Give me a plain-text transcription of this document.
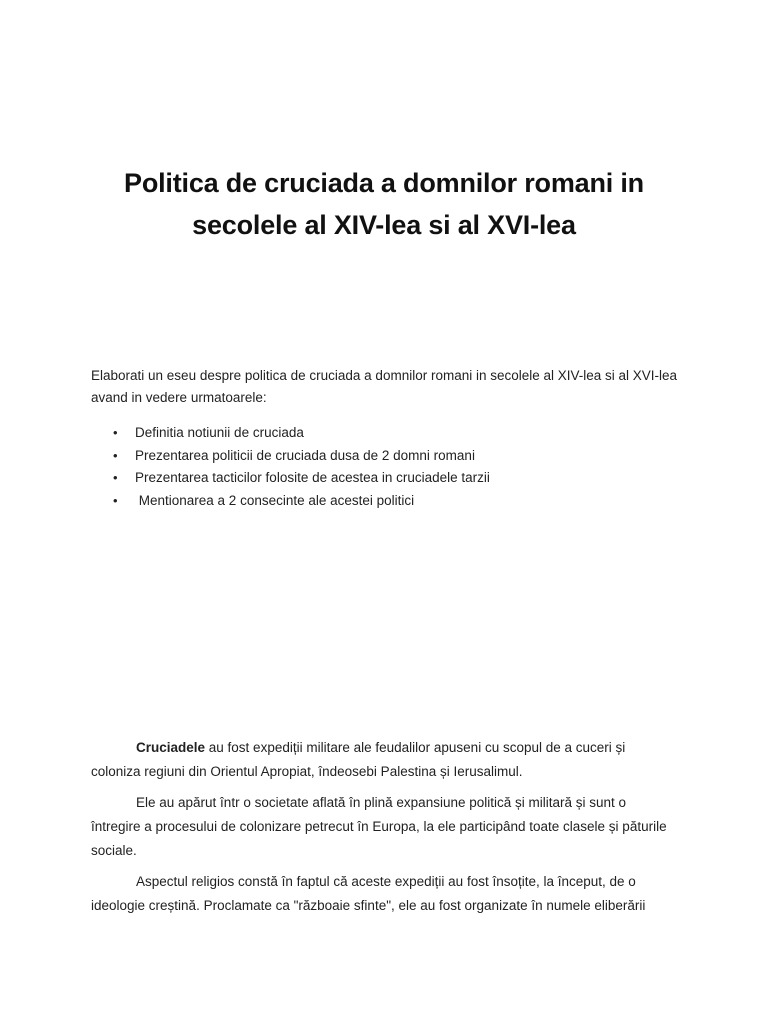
Politica de cruciada a domnilor romani in
secolele al XIV-lea si al XVI-lea
Elaborati un eseu despre politica de cruciada a domnilor romani in secolele al XIV-lea si al XVI-lea avand in vedere urmatoarele:
• Definitia notiunii de cruciada
• Prezentarea politicii de cruciada dusa de 2 domni romani
• Prezentarea tacticilor folosite de acestea in cruciadele tarzii
• Mentionarea a 2 consecinte ale acestei politici

Cruciadele au fost expediții militare ale feudalilor apuseni cu scopul de a cuceri și coloniza regiuni din Orientul Apropiat, îndeosebi Palestina și Ierusalimul.

Ele au apărut într o societate aflată în plină expansiune politică și militară și sunt o întregire a procesului de colonizare petrecut în Europa, la ele participând toate clasele și păturile sociale.

Aspectul religios constă în faptul că aceste expediții au fost însoțite, la început, de o ideologie creștină. Proclamate ca "războaie sfinte", ele au fost organizate în numele eliberării
